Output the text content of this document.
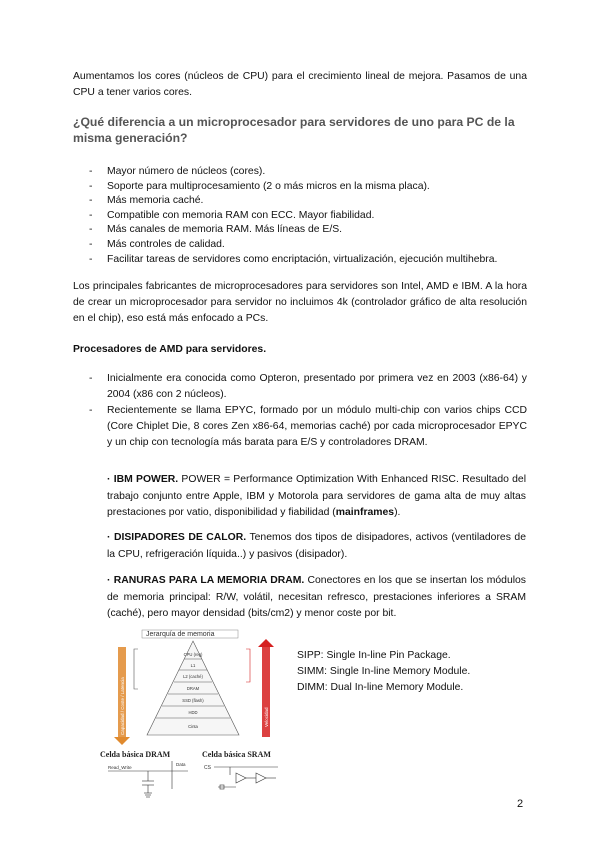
Aumentamos los cores (núcleos de CPU) para el crecimiento lineal de mejora. Pasamos de una CPU a tener varios cores.
¿Qué diferencia a un microprocesador para servidores de uno para PC de la misma generación?
- Mayor número de núcleos (cores).
- Soporte para multiprocesamiento (2 o más micros en la misma placa).
- Más memoria caché.
- Compatible con memoria RAM con ECC. Mayor fiabilidad.
- Más canales de memoria RAM. Más líneas de E/S.
- Más controles de calidad.
- Facilitar tareas de servidores como encriptación, virtualización, ejecución multihebra.
Los principales fabricantes de microprocesadores para servidores son Intel, AMD e IBM. A la hora de crear un microprocesador para servidor no incluimos 4k (controlador gráfico de alta resolución en el chip), eso está más enfocado a PCs.
Procesadores de AMD para servidores.
- Inicialmente era conocida como Opteron, presentado por primera vez en 2003 (x86-64) y 2004 (x86 con 2 núcleos).
- Recientemente se llama EPYC, formado por un módulo multi-chip con varios chips CCD (Core Chiplet Die, 8 cores Zen x86-64, memorias caché) por cada microprocesador EPYC y un chip con tecnología más barata para E/S y controladores DRAM.
· IBM POWER. POWER = Performance Optimization With Enhanced RISC. Resultado del trabajo conjunto entre Apple, IBM y Motorola para servidores de gama alta de muy altas prestaciones por vatio, disponibilidad y fiabilidad (mainframes).
· DISIPADORES DE CALOR. Tenemos dos tipos de disipadores, activos (ventiladores de la CPU, refrigeración líquida..) y pasivos (disipador).
· RANURAS PARA LA MEMORIA DRAM. Conectores en los que se insertan los módulos de memoria principal: R/W, volátil, necesitan refresco, prestaciones inferiores a SRAM (caché), pero mayor densidad (bits/cm2) y menor coste por bit.
Jerarquía de memoria
Capacidad / Coste / Latencia	Velocidad
CPU (reg)
L1
L2 (caché)
DRAM
SSD (flash)
HDD
Cinta
Celda básica DRAM	Celda básica SRAM
Data
Read_Write	CS
SIPP: Single In-line Pin Package.
SIMM: Single In-line Memory Module.
DIMM: Dual In-line Memory Module.
2
